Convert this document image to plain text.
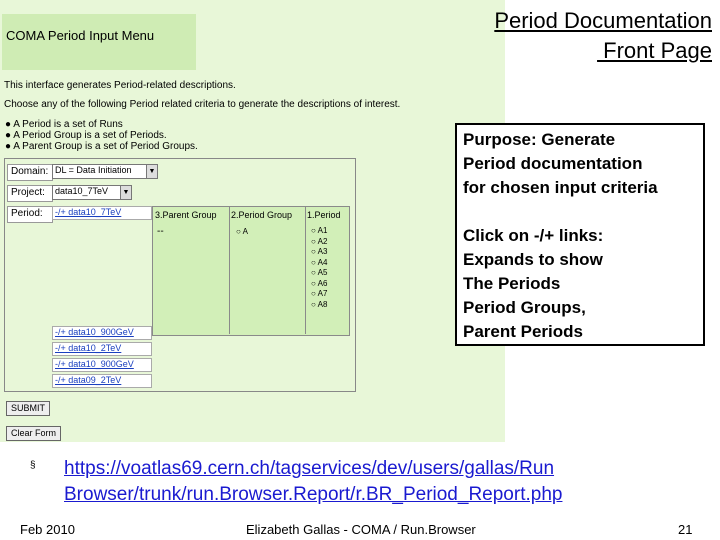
COMA Period Input Menu
This interface generates Period-related descriptions.
Choose any of the following Period related criteria to generate the descriptions of interest.
● A Period is a set of Runs
● A Period Group is a set of Periods.
● A Parent Group is a set of Period Groups.
Domain: DL = Data Initiation	▼
Project:	data10_7TeV	▼
Period:	-/+ data10_7TeV	3.Parent Group 2.Period Group 1.Period
--	○ A	○ A1
○ A2
○ A3
○ A4
○ A5
○ A6
○ A7
○ A8
-/+ data10_900GeV
-/+ data10_2TeV
-/+ data10_900GeV
-/+ data09_2TeV
SUBMIT
Clear Form
Period Documentation
Front Page
Purpose: Generate
Period documentation
for chosen input criteria
Click on -/+ links:
Expands to show
The Periods
Period Groups,
Parent Periods
§ https://voatlas69.cern.ch/tagservices/dev/users/gallas/Run
Browser/trunk/run.Browser.Report/r.BR_Period_Report.php
Feb 2010	Elizabeth Gallas - COMA / Run.Browser	21
